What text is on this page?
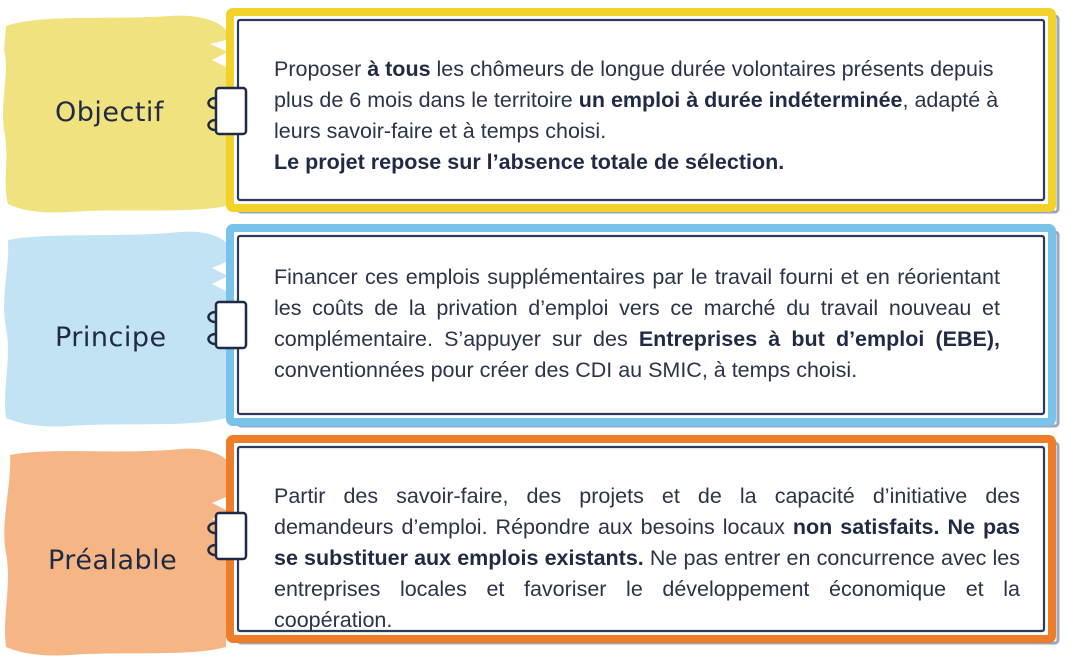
Objectif
Proposer à tous les chômeurs de longue durée volontaires présents depuis plus de 6 mois dans le territoire un emploi à durée indéterminée, adapté à leurs savoir-faire et à temps choisi.
Le projet repose sur l’absence totale de sélection.
Principe
Financer ces emplois supplémentaires par le travail fourni et en réorientant les coûts de la privation d’emploi vers ce marché du travail nouveau et complémentaire. S’appuyer sur des Entreprises à but d’emploi (EBE), conventionnées pour créer des CDI au SMIC, à temps choisi.
Préalable
Partir des savoir-faire, des projets et de la capacité d’initiative des demandeurs d’emploi. Répondre aux besoins locaux non satisfaits. Ne pas se substituer aux emplois existants. Ne pas entrer en concurrence avec les entreprises locales et favoriser le développement économique et la coopération.
